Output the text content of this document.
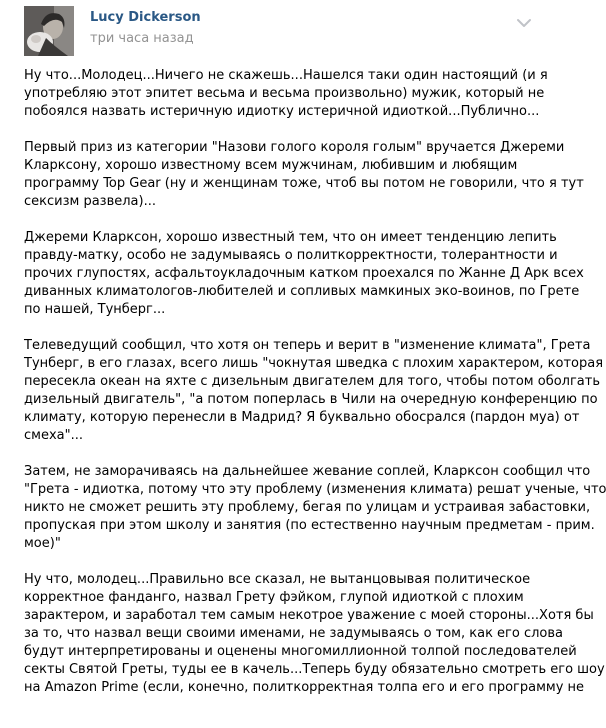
Lucy Dickerson
три часа назад
Ну что...Молодец...Ничего не скажешь...Нашелся таки один настоящий (и я
употребляю этот эпитет весьма и весьма произвольно) мужик, который не
побоялся назвать истеричную идиотку истеричной идиоткой...Публично...
Первый приз из категории "Назови голого короля голым" вручается Джереми
Кларксону, хорошо известному всем мужчинам, любившим и любящим
программу Top Gear (ну и женщинам тоже, чтоб вы потом не говорили, что я тут
сексизм развела)...
Джереми Кларксон, хорошо известный тем, что он имеет тенденцию лепить
правду-матку, особо не задумываясь о политкорректности, толерантности и
прочих глупостях, асфальтоукладочным катком проехался по Жанне Д Арк всех
диванных климатологов-любителей и сопливых мамкиных эко-воинов, по Грете
по нашей, Тунберг...
Телеведущий сообщил, что хотя он теперь и верит в "изменение климата", Грета
Тунберг, в его глазах, всего лишь "чокнутая шведка с плохим характером, которая
пересекла океан на яхте с дизельным двигателем для того, чтобы потом оболгать
дизельный двигатель", "а потом поперлась в Чили на очередную конференцию по
климату, которую перенесли в Мадрид? Я буквально обосрался (пардон муа) от
смеха"...
Затем, не заморачиваясь на дальнейшее жевание соплей, Кларксон сообщил что
"Грета - идиотка, потому что эту проблему (изменения климата) решат ученые, что
никто не сможет решить эту проблему, бегая по улицам и устраивая забастовки,
пропуская при этом школу и занятия (по естественно научным предметам - прим.
мое)"
Ну что, молодец...Правильно все сказал, не вытанцовывая политическое
корректное фанданго, назвал Грету фэйком, глупой идиоткой с плохим
зарактером, и заработал тем самым некотрое уважение с моей стороны...Хотя бы
за то, что назвал вещи своими именами, не задумываясь о том, как его слова
будут интерпретированы и оценены многомиллионной толпой последователей
секты Святой Греты, туды ее в качель...Теперь буду обязательно смотреть его шоу
на Amazon Prime (если, конечно, политкорректная толпа его и его программу не
